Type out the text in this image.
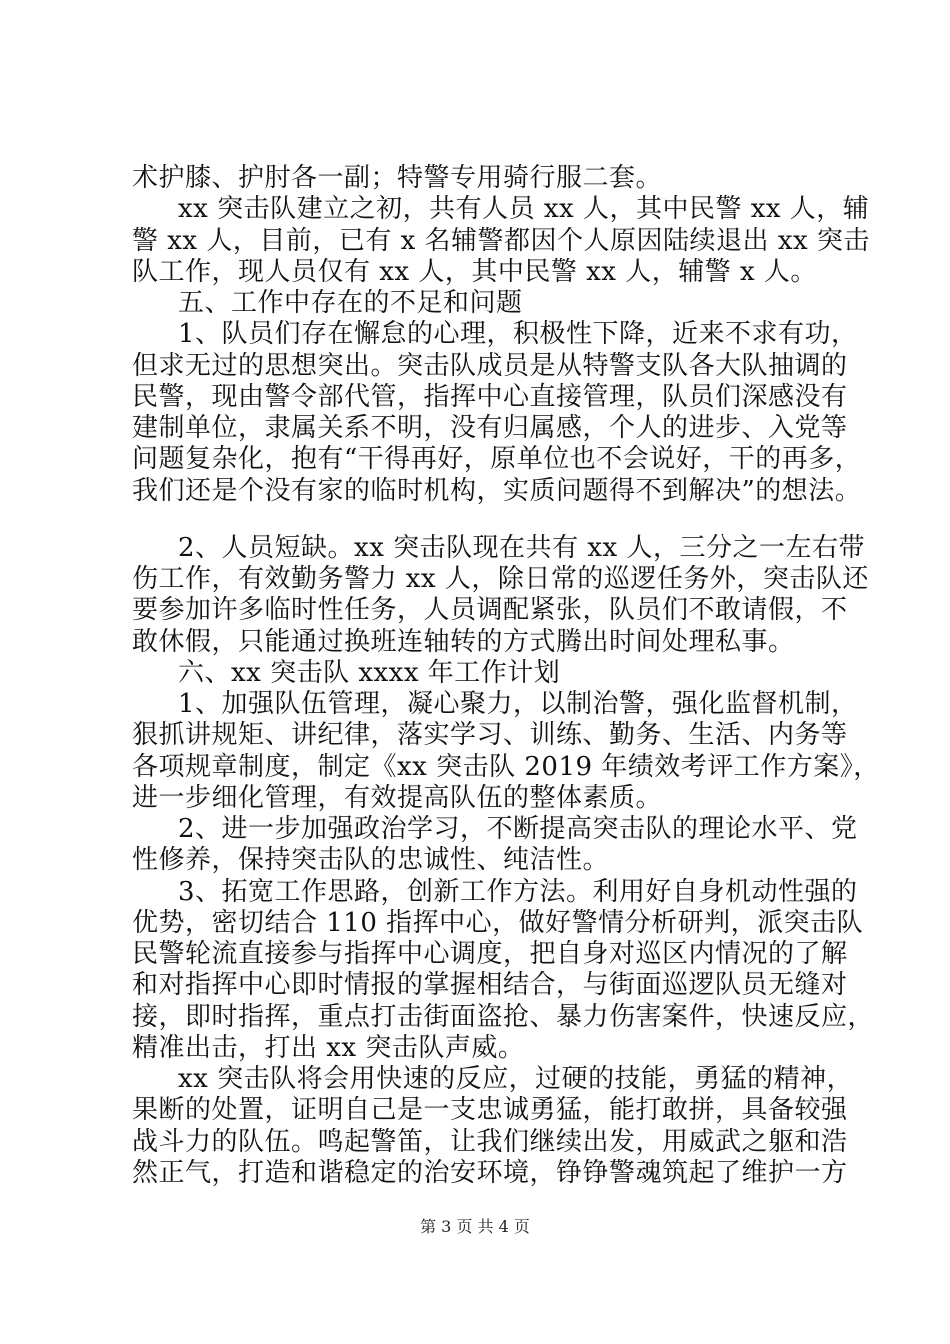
术护膝、护肘各一副；特警专用骑行服二套。
xx 突击队建立之初，共有人员 xx 人，其中民警 xx 人，辅
警 xx 人，目前，已有 x 名辅警都因个人原因陆续退出 xx 突击
队工作，现人员仅有 xx 人，其中民警 xx 人，辅警 x 人。
五、工作中存在的不足和问题
1、队员们存在懈怠的心理，积极性下降，近来不求有功，
但求无过的思想突出。突击队成员是从特警支队各大队抽调的
民警，现由警令部代管，指挥中心直接管理，队员们深感没有
建制单位，隶属关系不明，没有归属感，个人的进步、入党等
问题复杂化，抱有“干得再好，原单位也不会说好，干的再多，
我们还是个没有家的临时机构，实质问题得不到解决”的想法。
2、人员短缺。xx 突击队现在共有 xx 人，三分之一左右带
伤工作，有效勤务警力 xx 人，除日常的巡逻任务外，突击队还
要参加许多临时性任务，人员调配紧张，队员们不敢请假，不
敢休假，只能通过换班连轴转的方式腾出时间处理私事。
六、xx 突击队 xxxx 年工作计划
1、加强队伍管理，凝心聚力，以制治警，强化监督机制，
狠抓讲规矩、讲纪律，落实学习、训练、勤务、生活、内务等
各项规章制度，制定《xx 突击队 2019 年绩效考评工作方案》，
进一步细化管理，有效提高队伍的整体素质。
2、进一步加强政治学习，不断提高突击队的理论水平、党
性修养，保持突击队的忠诚性、纯洁性。
3、拓宽工作思路，创新工作方法。利用好自身机动性强的
优势，密切结合 110 指挥中心，做好警情分析研判，派突击队
民警轮流直接参与指挥中心调度，把自身对巡区内情况的了解
和对指挥中心即时情报的掌握相结合，与街面巡逻队员无缝对
接，即时指挥，重点打击街面盗抢、暴力伤害案件，快速反应，
精准出击，打出 xx 突击队声威。
第 3 页 共 4 页
xx 突击队将会用快速的反应，过硬的技能，勇猛的精神，
果断的处置，证明自己是一支忠诚勇猛，能打敢拼，具备较强
战斗力的队伍。鸣起警笛，让我们继续出发，用威武之躯和浩
然正气，打造和谐稳定的治安环境，铮铮警魂筑起了维护一方
